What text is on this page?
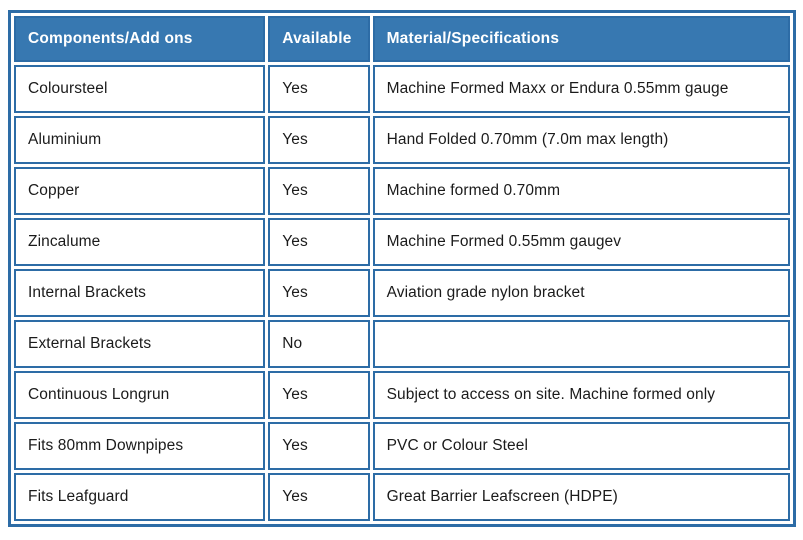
Components/Add ons	Available	Material/Specifications
Coloursteel	Yes	Machine Formed Maxx or Endura 0.55mm gauge
Aluminium	Yes	Hand Folded 0.70mm (7.0m max length)
Copper	Yes	Machine formed 0.70mm
Zincalume	Yes	Machine Formed 0.55mm gaugev
Internal Brackets	Yes	Aviation grade nylon bracket
External Brackets	No	
Continuous Longrun	Yes	Subject to access on site. Machine formed only
Fits 80mm Downpipes	Yes	PVC or Colour Steel
Fits Leafguard	Yes	Great Barrier Leafscreen (HDPE)
